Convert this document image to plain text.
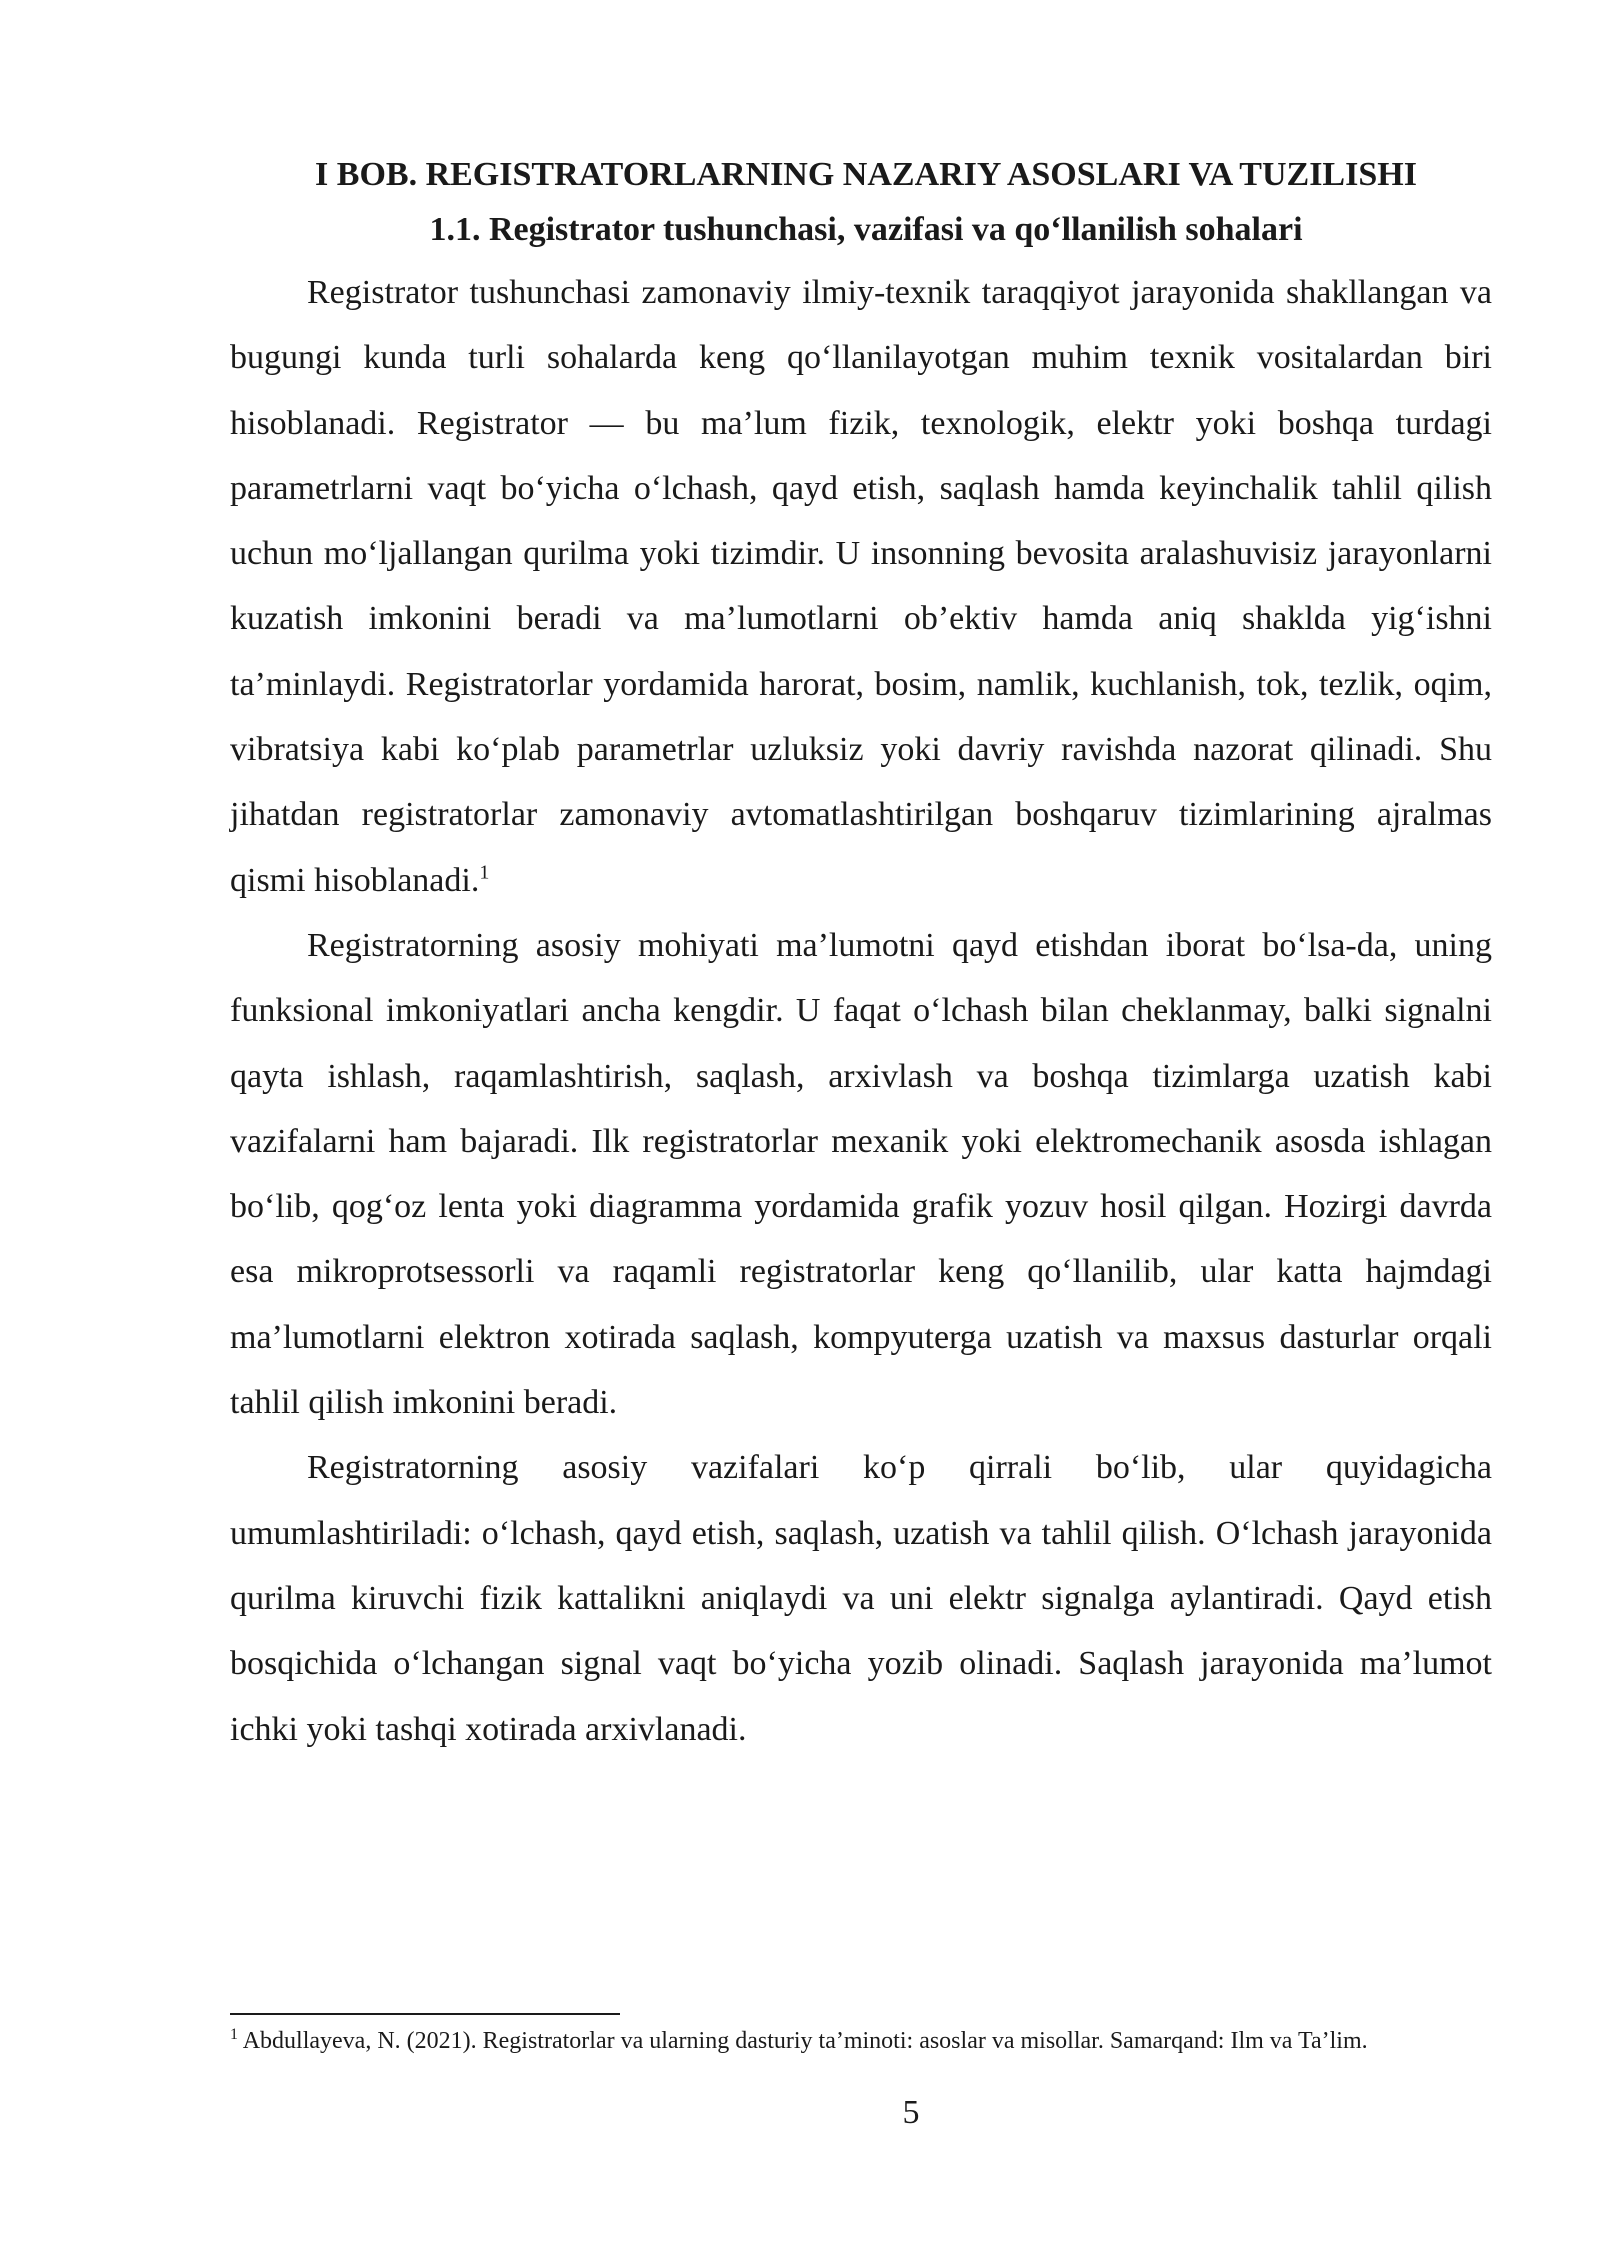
I BOB. REGISTRATORLARNING NAZARIY ASOSLARI VA TUZILISHI
1.1. Registrator tushunchasi, vazifasi va qo‘llanilish sohalari

Registrator tushunchasi zamonaviy ilmiy-texnik taraqqiyot jarayonida shakllangan va bugungi kunda turli sohalarda keng qo‘llanilayotgan muhim texnik vositalardan biri hisoblanadi. Registrator — bu ma’lum fizik, texnologik, elektr yoki boshqa turdagi parametrlarni vaqt bo‘yicha o‘lchash, qayd etish, saqlash hamda keyinchalik tahlil qilish uchun mo‘ljallangan qurilma yoki tizimdir. U insonning bevosita aralashuvisiz jarayonlarni kuzatish imkonini beradi va ma’lumotlarni ob’ektiv hamda aniq shaklda yig‘ishni ta’minlaydi. Registratorlar yordamida harorat, bosim, namlik, kuchlanish, tok, tezlik, oqim, vibratsiya kabi ko‘plab parametrlar uzluksiz yoki davriy ravishda nazorat qilinadi. Shu jihatdan registratorlar zamonaviy avtomatlashtirilgan boshqaruv tizimlarining ajralmas qismi hisoblanadi.$^1$

Registratorning asosiy mohiyati ma’lumotni qayd etishdan iborat bo‘lsa-da, uning funksional imkoniyatlari ancha kengdir. U faqat o‘lchash bilan cheklanmay, balki signalni qayta ishlash, raqamlashtirish, saqlash, arxivlash va boshqa tizimlarga uzatish kabi vazifalarni ham bajaradi. Ilk registratorlar mexanik yoki elektromechanik asosda ishlagan bo‘lib, qog‘oz lenta yoki diagramma yordamida grafik yozuv hosil qilgan. Hozirgi davrda esa mikroprotsessorli va raqamli registratorlar keng qo‘llanilib, ular katta hajmdagi ma’lumotlarni elektron xotirada saqlash, kompyuterga uzatish va maxsus dasturlar orqali tahlil qilish imkonini beradi.

Registratorning asosiy vazifalari ko‘p qirrali bo‘lib, ular quyidagicha umumlashtiriladi: o‘lchash, qayd etish, saqlash, uzatish va tahlil qilish. O‘lchash jarayonida qurilma kiruvchi fizik kattalikni aniqlaydi va uni elektr signalga aylantiradi. Qayd etish bosqichida o‘lchangan signal vaqt bo‘yicha yozib olinadi. Saqlash jarayonida ma’lumot ichki yoki tashqi xotirada arxivlanadi.

$^1$ Abdullayeva, N. (2021). Registratorlar va ularning dasturiy ta’minoti: asoslar va misollar. Samarqand: Ilm va Ta’lim.
5
